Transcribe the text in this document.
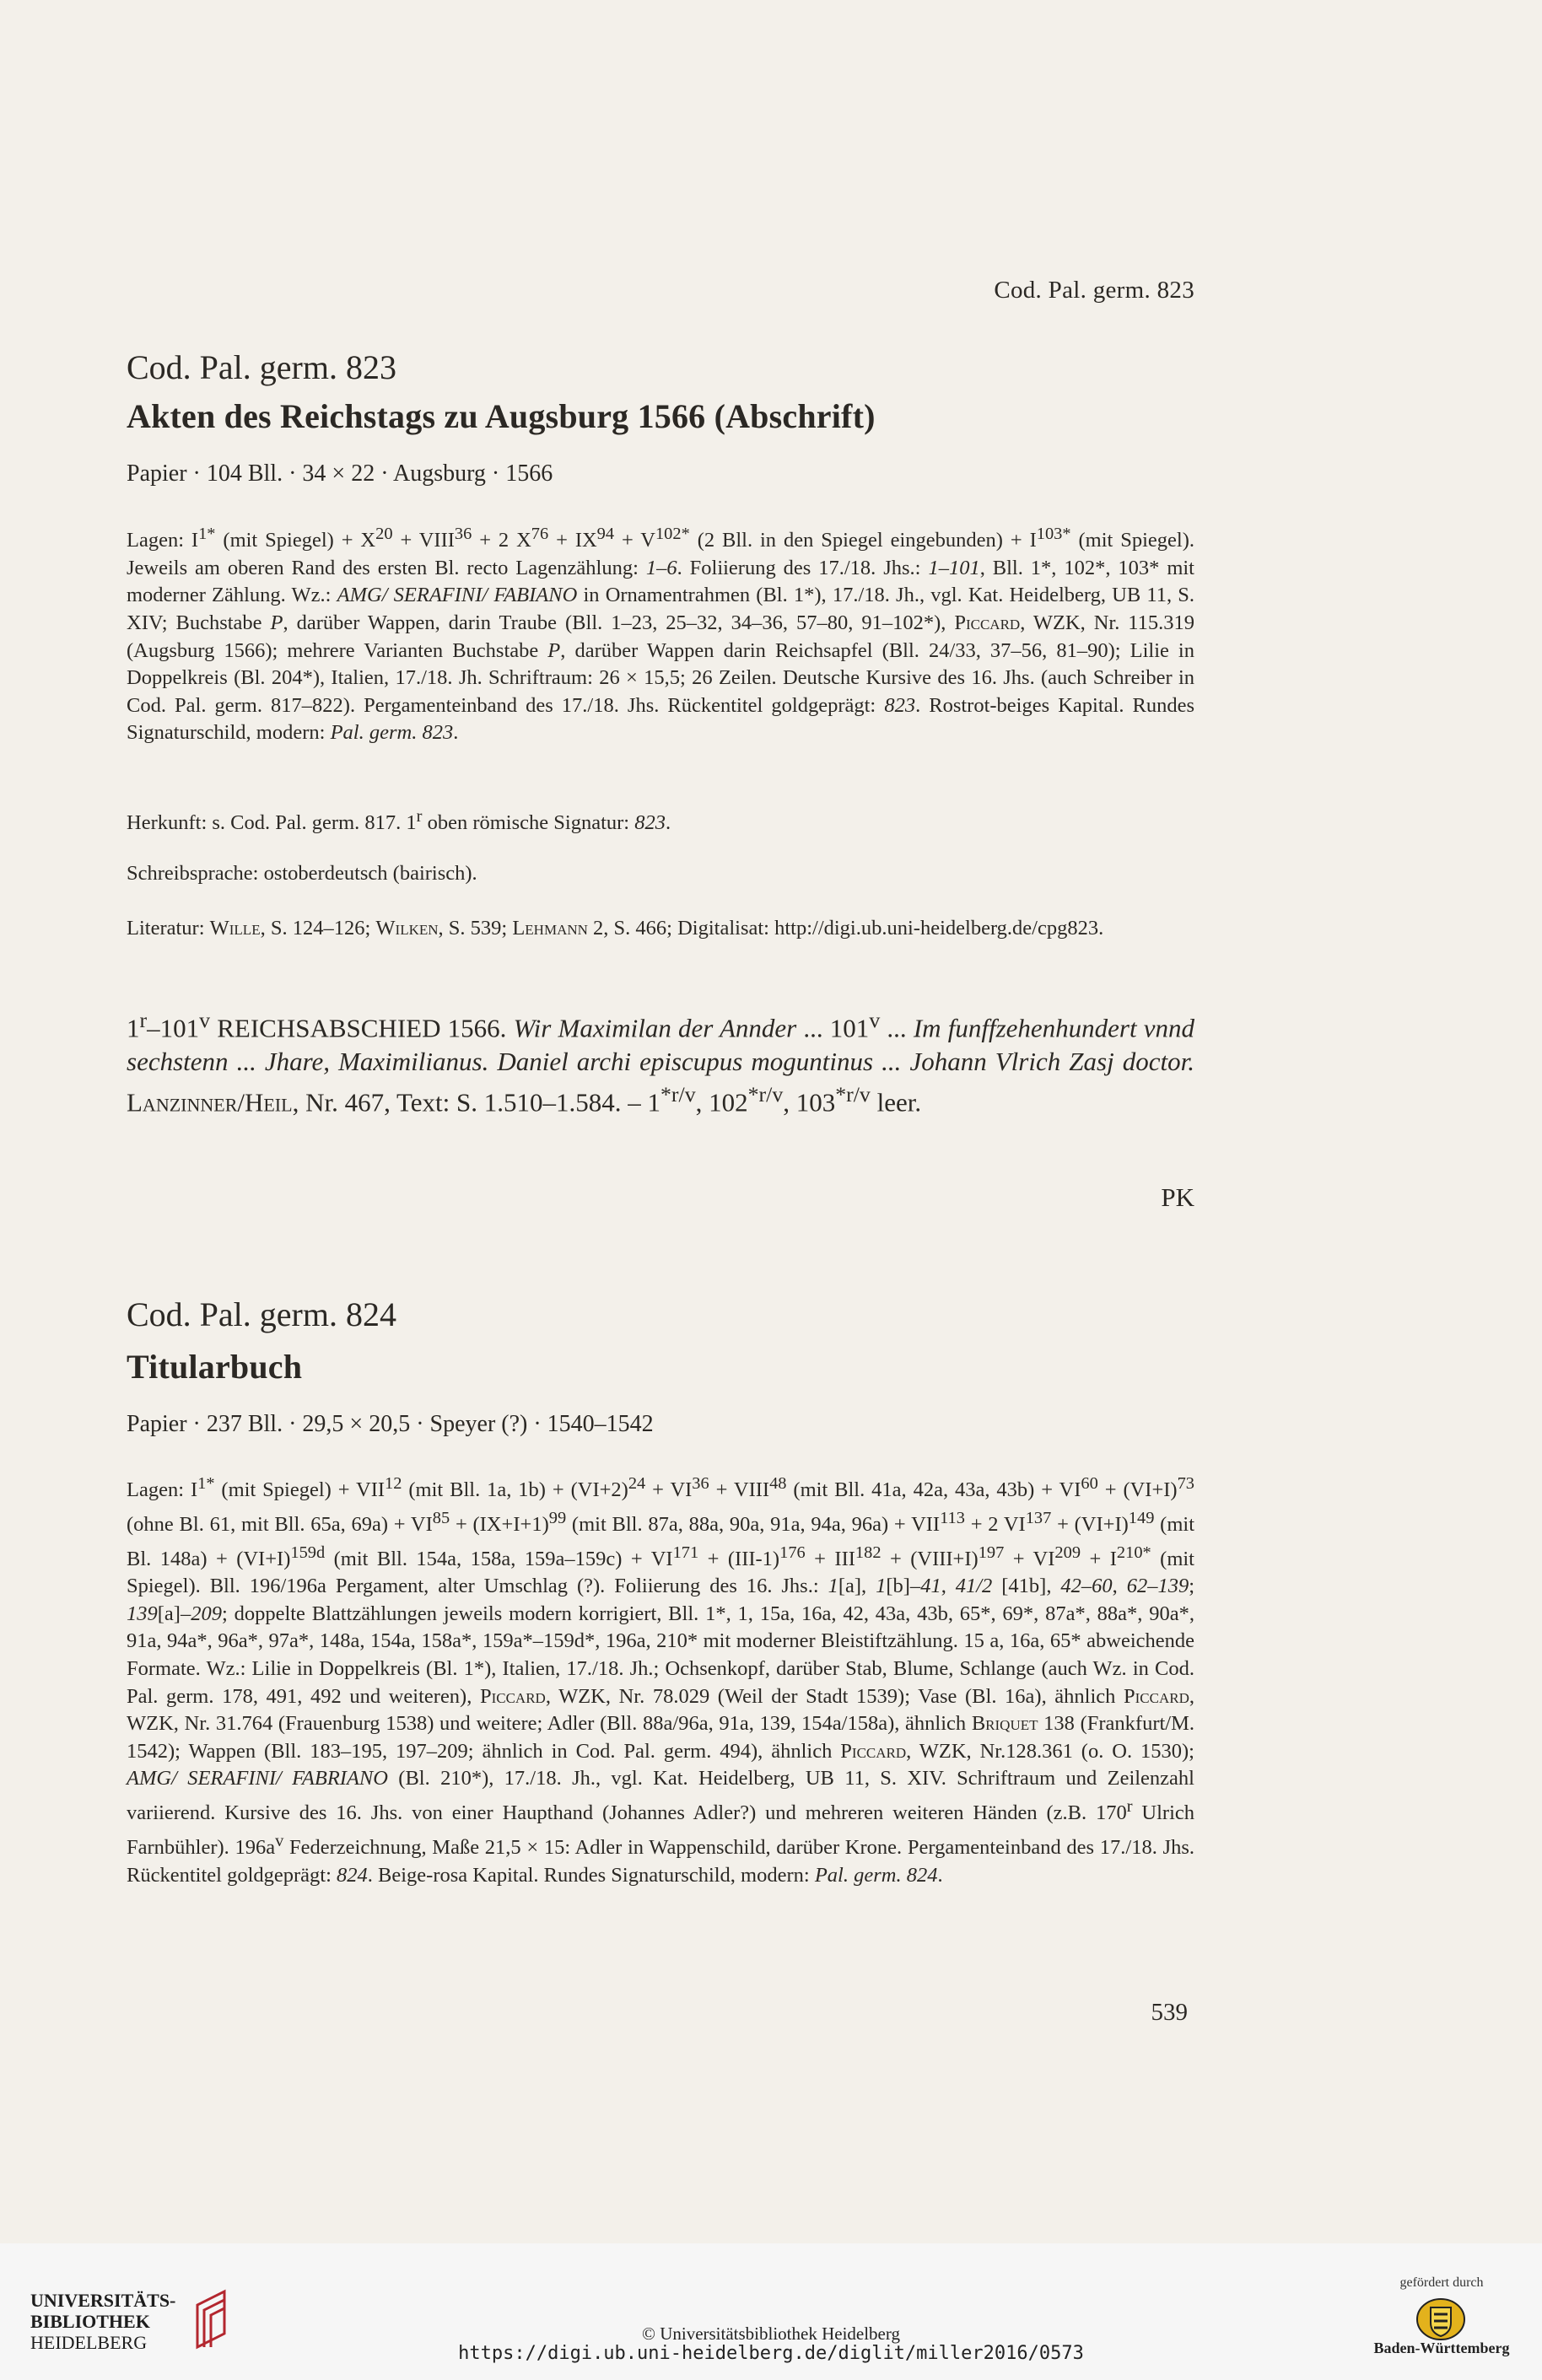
Cod. Pal. germ. 823
Cod. Pal. germ. 823
Akten des Reichstags zu Augsburg 1566 (Abschrift)

Papier · 104 Bll. · 34 × 22 · Augsburg · 1566

Lagen: $I^{1*}$ (mit Spiegel) + $X^{20}$ + $VIII^{36} + 2$ $X^{76} + IX^{94} + V^{102*}$ (2 Bll. in den Spiegel eingebunden) + $I^{103*}$ (mit Spiegel). Jeweils am oberen Rand des ersten Bl. recto Lagenzählung: 1–6. Foliierung des 17./18. Jhs.: 1–101, Bll. 1*, 102*, 103* mit moderner Zählung. Wz.: AMG/ SERAFINI/ FABIANO in Ornamentrahmen (Bl. 1*), 17./18. Jh., vgl. Kat. Heidelberg, UB 11, S. XIV; Buchstabe P, darüber Wappen, darin Traube (Bll. 1–23, 25–32, 34–36, 57–80, 91–102*), Piccard, WZK, Nr. 115.319 (Augsburg 1566); mehrere Varianten Buchstabe P, darüber Wappen darin Reichsapfel (Bll. 24/33, 37–56, 81–90); Lilie in Doppelkreis (Bl. 204*), Italien, 17./18. Jh. Schriftraum: 26 × 15,5; 26 Zeilen. Deutsche Kursive des 16. Jhs. (auch Schreiber in Cod. Pal. germ. 817–822). Pergamenteinband des 17./18. Jhs. Rückentitel goldgeprägt: 823. Rostrot-beiges Kapital. Rundes Signaturschild, modern: Pal. germ. 823.

Herkunft: s. Cod. Pal. germ. 817. 1$^r$ oben römische Signatur: 823.

Schreibsprache: ostoberdeutsch (bairisch).

Literatur: Wille, S. 124–126; Wilken, S. 539; Lehmann 2, S. 466; Digitalisat: http://digi.ub.uni-heidelberg.de/cpg823.

1$^r$–101$^v$ REICHSABSCHIED 1566. Wir Maximilan der Annder ... 101$^v$ ... Im funffzehenhundert vnnd sechstenn ... Jhare, Maximilianus. Daniel archi episcupus moguntinus ... Johann Vlrich Zasj doctor. Lanzinner/Heil, Nr. 467, Text: S. 1.510–1.584. – $1^{*r/v}$, $102^{*r/v}$, $103^{*r/v}$ leer.

PK
Cod. Pal. germ. 824
Titularbuch

Papier · 237 Bll. · 29,5 × 20,5 · Speyer (?) · 1540–1542

Lagen: $I^{1*}$ (mit Spiegel) + $VII^{12}$ (mit Bll. 1a, $1b) + (VI+2)^{24} + VI^{36}$ + $VIII^{48}$ (mit Bll. 41a, 42a, 43a, $43b) + VI^{60} + (VI+I)^{73}$ (ohne Bl. 61, mit Bll. 65a, $69a) + VI^{85} + (IX+I+1)^{99}$ (mit Bll. 87a, 88a, 90a, 91a, 94a, $96a) + VII^{113} + 2$ $VI^{137} + (VI+I)^{149}$ (mit Bl. $148a) + (VI+I)^{159d}$ (mit Bll. 154a, 158a, $159a-159c) + VI^{171} + (III-1)^{176} + III^{182}$ + (VIII+I)$^{197}$ + $VI^{209} + I^{210*}$ (mit Spiegel). Bll. 196/196a Pergament, alter Umschlag (?). Foliierung des 16. Jhs.: 1[a], 1[b]–41, 41/2 [41b], 42–60, 62–139; 139[a]–209; doppelte Blattzählungen jeweils modern korrigiert, Bll. 1*, 1, 15a, 16a, 42, 43a, 43b, 65*, 69*, 87a*, 88a*, 90a*, 91a, 94a*, 96a*, 97a*, 148a, 154a, 158a*, 159a*–159d*, 196a, 210* mit moderner Bleistiftzählung. 15 a, 16a, 65* abweichende Formate. Wz.: Lilie in Doppelkreis (Bl. 1*), Italien, 17./18. Jh.; Ochsenkopf, darüber Stab, Blume, Schlange (auch Wz. in Cod. Pal. germ. 178, 491, 492 und weiteren), Piccard, WZK, Nr. 78.029 (Weil der Stadt 1539); Vase (Bl. 16a), ähnlich Piccard, WZK, Nr. 31.764 (Frauenburg 1538) und weitere; Adler (Bll. 88a/96a, 91a, 139, 154a/158a), ähnlich Briquet 138 (Frankfurt/M. 1542); Wappen (Bll. 183–195, 197–209; ähnlich in Cod. Pal. germ. 494), ähnlich Piccard, WZK, Nr.128.361 (o. O. 1530); AMG/ SERAFINI/ FABRIANO (Bl. 210*), 17./18. Jh., vgl. Kat. Heidelberg, UB 11, S. XIV. Schriftraum und Zeilenzahl variierend. Kursive des 16. Jhs. von einer Haupthand (Johannes Adler?) und mehreren weiteren Händen (z.B. 170$^r$ Ulrich Farnbühler). $196a^v$ Federzeichnung, Maße 21,5 × 15: Adler in Wappenschild, darüber Krone. Pergamenteinband des 17./18. Jhs. Rückentitel goldgeprägt: 824. Beige-rosa Kapital. Rundes Signaturschild, modern: Pal. germ. 824.

539
UNIVERSITÄTS-
BIBLIOTHEK
HEIDELBERG	© Universitätsbibliothek Heidelberg
https://digi.ub.uni-heidelberg.de/diglit/miller2016/0573
gefördert durch
Baden-Württemberg
